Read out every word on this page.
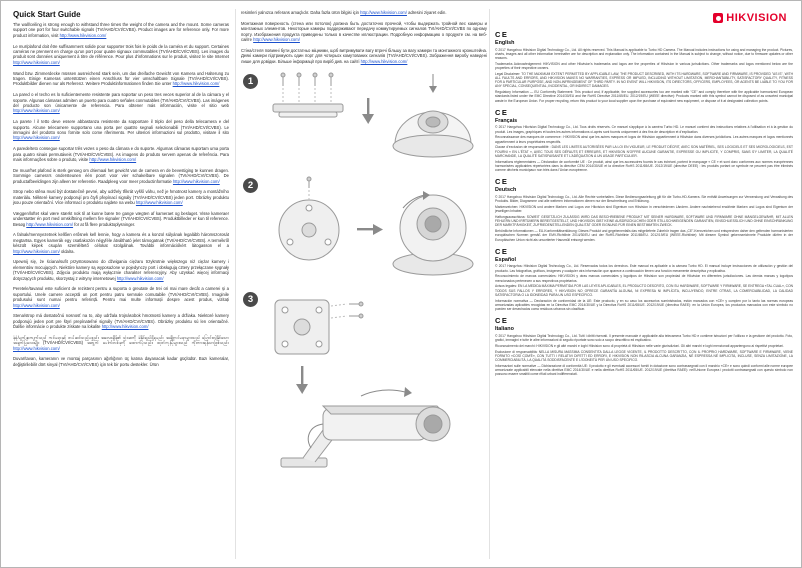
Quick Start Guide

The wall/ceiling is strong enough to withstand three times the weight of the camera and the mount. Some cameras support one port for four switchable signals (TVI/AHD/CVI/CVBS). Product images are for reference only. For more product information, visit http://www.hikvision.com/

Le mur/plafond doit être suffisamment solide pour supporter trois fois le poids de la caméra et du support. Certaines caméras ne prennent en charge qu'un port pour quatre signaux commutables (TVI/AHD/CVI/CVBS). Les images du produit sont données uniquement à titre de référence. Pour plus d'informations sur le produit, visitez le site Internet http://www.hikvision.com/

Wand bzw. Zimmerdecke müssen ausreichend stark sein, um das dreifache Gewicht von Kamera und Halterung zu tragen. Einige Kameras unterstützen einen Anschluss für vier umschaltbare Signale (TVI/AHD/CVI/CVBS). Produktbilder dienen nur als Referenz. Weitere Produktinformationen finden Sie unter http://www.hikvision.com/

La pared o el techo es lo suficientemente resistente para soportar un peso tres veces superior al de la cámara y el soporte. Algunas cámaras admiten un puerto para cuatro señales conmutables (TVI/AHD/CVI/CVBS). Las imágenes del producto son únicamente de referencia. Para obtener más información, visite el sitio web http://www.hikvision.com/

La parete / il tetto deve essere abbastanza resistente da sopportare il triplo del peso della telecamera e del supporto. Alcune telecamere supportano una porta per quattro segnali selezionabili (TVI/AHD/CVI/CVBS). Le immagini del prodotto sono fornite solo come riferimento. Per ulteriori informazioni sul prodotto, visitare il sito http://www.hikvision.com/

A parede/teto consegue suportar três vezes o peso da câmara e do suporte. Algumas câmaras suportam uma porta para quatro sinais permutáveis (TVI/AHD/CVI/CVBS). As imagens do produto servem apenas de referência. Para mais informações sobre o produto, visite http://www.hikvision.com/

De muur/het plafond is sterk genoeg om driemaal het gewicht van de camera en de bevestiging te kunnen dragen. Sommige camera's ondersteunen één poort voor vier schakelbare signalen (TVI/AHD/CVI/CVBS). De productafbeeldingen zijn alleen ter referentie. Raadpleeg voor meer productinformatie http://www.hikvision.com/

Strop nebo stěna musí být dostatečně pevné, aby udržely třikrát vyšší váhu, než je hmotnost kamery a montážního materiálu. Některé kamery podporují pro čtyři přepínací signály (TVI/AHD/CVI/CVBS) jeden port. Obrázky produktu jsou pouze orientační. Více informací o produktu najdete na webu http://www.hikvision.com/

Væggen/loftet skal være stærkt nok til at kunne bære tre gange vægten af kameraet og beslaget. Visse kameraer understøtter én port med omskiftning mellem fire signaler (TVI/AHD/CVI/CVBS). Produktbilleder er kun til reference. Besøg http://www.hikvision.com/ for at få flere produktoplysninger.

A falnak/mennyezetnek kellően erősnek kell lennie, hogy a kamera és a konzol súlyának legalább háromszorosát megtartsa. Egyes kamerák egy csatlakozón négyféle átváltható jelet támogatnak (TVI/AHD/CVI/CVBS). A termékről készült képek csupán szemléltető célokat szolgálnak. További információkért látogasson el a http://www.hikvision.com/ oldalra.

Upewnij się, że ściana/sufit przystosowano do dźwigania ciężaru trzykrotnie większego niż ciężar kamery i elementów mocujących. Niektóre kamery są wyposażone w pojedynczy port i obsługują cztery przełączane sygnały (TVI/AHD/CVI/CVBS). Zdjęcia produktu mają wyłącznie charakter referencyjny. Aby uzyskać więcej informacji dotyczących produktu, skorzystaj z witryny internetowej http://www.hikvision.com/

Peretele/tavanul este suficient de rezistent pentru a suporta o greutate de trei ori mai mare decât a camerei și a suportului. Unele camere acceptă un port pentru patru semnale comutabile (TVI/AHD/CVI/CVBS). Imaginile produsului sunt numai pentru referință. Pentru mai multe informații despre acest produs, vizitați http://www.hikvision.com/

Stena/strop má dostatočnú nosnosť na to, aby udržala trojnásobok hmotnosti kamery a držiaka. Niektoré kamery podporujú jeden port pre štyri prepínateľné signály (TVI/AHD/CVI/CVBS). Obrázky produktu sú len orientačné. Ďalšie informácie o produkte získate na lokalite http://www.hikvision.com/

နံရံ/မျက်နှာကျက်သည် ကင်မရာနှင့် တပ်ဆင်သည့်ပစ္စည်း အလေးချိန်၏ သုံးဆကို ခံနိုင်ရည်ရှိရမည်။ အချို့ကင်မရာများသည် ပြောင်းလဲနိုင်သော အချက်ပြလေးမျိုး (TVI/AHD/CVI/CVBS) အတွက် ပေါက်တစ်ခုကို ထောက်ပံ့သည်။ ထုတ်ကုန်ပုံများသည် ကိုးကားရန်သာဖြစ်သည်။ http://www.hikvision.com/

Duvar/tavan, kameranın ve montaj parçasının ağırlığının üç katına dayanacak kadar güçlüdür. Bazı kameralar, değiştirilebilir dört sinyal (TVI/AHD/CVI/CVBS) için tek bir portu destekler. Ürün

resimleri yalnızca referans amaçlıdır. Daha fazla ürün bilgisi için http://www.hikvision.com/ adresini ziyaret edin.

Монтажная поверхность (стена или потолок) должна быть достаточно прочной, чтобы выдержать тройной вес камеры и монтажных элементов. Некоторые камеры поддерживают передачу коммутируемых сигналов TVI/AHD/CVI/CVBS по одному порту. Изображения продукта приведены только в качестве иллюстрации. Подробную информацию о продукте см. на веб-сайте http://www.hikvision.com/

Стіна/стеля повинні бути достатньо міцними, щоб витримувати вагу втричі більшу за вагу камери та монтажного кронштейна. Деякі камери підтримують один порт для чотирьох комутованих сигналів (TVI/AHD/CVI/CVBS). Зображення виробу наведені лише для довідки. Більше інформації про виріб див. на сайті http://www.hikvision.com/

1
2
3
HIKVISION
CE
English

© 2017 Hangzhou Hikvision Digital Technology Co., Ltd. All rights reserved. This Manual is applicable to Turbo HD Camera. The Manual includes instructions for using and managing the product. Pictures, charts, images and all other information hereinafter are for description and explanation only. The information contained in the Manual is subject to change, without notice, due to firmware updates or other reasons.

Trademarks Acknowledgement: HIKVISION and other Hikvision's trademarks and logos are the properties of Hikvision in various jurisdictions. Other trademarks and logos mentioned below are the properties of their respective owners.

Legal Disclaimer: TO THE MAXIMUM EXTENT PERMITTED BY APPLICABLE LAW, THE PRODUCT DESCRIBED, WITH ITS HARDWARE, SOFTWARE AND FIRMWARE, IS PROVIDED "AS IS", WITH ALL FAULTS AND ERRORS, AND HIKVISION MAKES NO WARRANTIES, EXPRESS OR IMPLIED, INCLUDING WITHOUT LIMITATION, MERCHANTABILITY, SATISFACTORY QUALITY, FITNESS FOR A PARTICULAR PURPOSE, AND NON-INFRINGEMENT OF THIRD PARTY. IN NO EVENT WILL HIKVISION, ITS DIRECTORS, OFFICERS, EMPLOYEES, OR AGENTS BE LIABLE TO YOU FOR ANY SPECIAL, CONSEQUENTIAL, INCIDENTAL, OR INDIRECT DAMAGES.

Regulatory Information — EU Conformity Statement: This product and, if applicable, the supplied accessories too are marked with "CE" and comply therefore with the applicable harmonized European standards listed under the EMC Directive 2014/30/EU and the RoHS Directive 2011/65/EU. 2012/19/EU (WEEE directive): Products marked with this symbol cannot be disposed of as unsorted municipal waste in the European Union. For proper recycling, return this product to your local supplier upon the purchase of equivalent new equipment, or dispose of it at designated collection points.

CE
Français

© 2017 Hangzhou Hikvision Digital Technology Co., Ltd. Tous droits réservés. Ce manuel s'applique à la caméra Turbo HD. Le manuel contient des instructions relatives à l'utilisation et à la gestion du produit. Les images, graphiques et toutes les autres informations ci-après sont fournis uniquement à des fins de description et d'explication.

Reconnaissance des marques de commerce : HIKVISION ainsi que les autres marques et logos de Hikvision appartiennent à Hikvision dans diverses juridictions. Les autres marques et logos mentionnés appartiennent à leurs propriétaires respectifs.

Clause d'exclusion de responsabilité : DANS LES LIMITES AUTORISÉES PAR LA LOI EN VIGUEUR, LE PRODUIT DÉCRIT, AVEC SON MATÉRIEL, SES LOGICIELS ET SES MICROLOGICIELS, EST FOURNI « EN L'ÉTAT », AVEC TOUS SES DÉFAUTS ET ERREURS, ET HIKVISION N'OFFRE AUCUNE GARANTIE, EXPRESSE OU IMPLICITE, Y COMPRIS, SANS S'Y LIMITER, LA QUALITÉ MARCHANDE, LA QUALITÉ SATISFAISANTE ET L'ADÉQUATION À UN USAGE PARTICULIER.

Informations réglementaires — Déclaration de conformité UE : Ce produit, ainsi que les accessoires fournis le cas échéant, portent le marquage « CE » et sont donc conformes aux normes européennes harmonisées applicables répertoriées dans la directive CEM 2014/30/UE et la directive RoHS 2011/65/UE. 2012/19/UE (directive DEEE) : les produits portant ce symbole ne peuvent pas être éliminés comme déchets municipaux non triés dans l'Union européenne.

CE
Deutsch

© 2017 Hangzhou Hikvision Digital Technology Co., Ltd. Alle Rechte vorbehalten. Diese Bedienungsanleitung gilt für die Turbo-HD-Kamera. Sie enthält Anweisungen zur Verwendung und Verwaltung des Produkts. Bilder, Diagramme und alle weiteren Informationen dienen nur der Beschreibung und Erklärung.

Markenzeichen: HIKVISION und andere Marken und Logos von Hikvision sind Eigentum von Hikvision in verschiedenen Ländern. Andere nachstehend erwähnte Marken und Logos sind Eigentum der jeweiligen Inhaber.

Haftungsausschluss: SOWEIT GESETZLICH ZULÄSSIG WIRD DAS BESCHRIEBENE PRODUKT MIT SEINER HARDWARE, SOFTWARE UND FIRMWARE OHNE MÄNGELGEWÄHR, MIT ALLEN FEHLERN UND IRRTÜMERN BEREITGESTELLT, UND HIKVISION GIBT KEINE AUSDRÜCKLICHEN ODER STILLSCHWEIGENDEN GARANTIEN, EINSCHLIESSLICH UND OHNE EINSCHRÄNKUNG DER MARKTFÄHIGKEIT, ZUFRIEDENSTELLENDEN QUALITÄT ODER EIGNUNG FÜR EINEN BESTIMMTEN ZWECK.

Behördliche Informationen — EU-Konformitätserklärung: Dieses Produkt und gegebenenfalls das mitgelieferte Zubehör tragen das „CE"-Kennzeichen und entsprechen daher den geltenden harmonisierten europäischen Normen gemäß der EMV-Richtlinie 2014/30/EU und der RoHS-Richtlinie 2011/65/EU. 2012/19/EU (WEEE-Richtlinie): Mit diesem Symbol gekennzeichnete Produkte dürfen in der Europäischen Union nicht als unsortierter Hausmüll entsorgt werden.

CE
Español

© 2017 Hangzhou Hikvision Digital Technology Co., Ltd. Reservados todos los derechos. Este manual es aplicable a la cámara Turbo HD. El manual incluye instrucciones de utilización y gestión del producto. Las fotografías, gráficos, imágenes y cualquier otra información que aparece a continuación tienen una función meramente descriptiva y explicativa.

Reconocimiento de marcas comerciales: HIKVISION y otras marcas comerciales y logotipos de Hikvision son propiedad de Hikvision en diferentes jurisdicciones. Las demás marcas y logotipos mencionados pertenecen a sus respectivos propietarios.

Avisos legales: EN LA MEDIDA MÁXIMA PERMITIDA POR LAS LEYES APLICABLES, EL PRODUCTO DESCRITO, CON SU HARDWARE, SOFTWARE Y FIRMWARE, SE ENTREGA «TAL CUAL», CON TODOS SUS FALLOS Y ERRORES, Y HIKVISION NO OFRECE GARANTÍA ALGUNA, NI EXPRESA NI IMPLÍCITA, INCLUYENDO, ENTRE OTRAS, LA COMERCIABILIDAD, LA CALIDAD SATISFACTORIA O LA IDONEIDAD PARA UN USO ESPECÍFICO.

Información normativa — Declaración de conformidad de la UE: Este producto, y en su caso los accesorios suministrados, están marcados con «CE» y cumplen por lo tanto las normas europeas armonizadas aplicables recogidas en la Directiva EMC 2014/30/UE y la Directiva RoHS 2011/65/UE. 2012/19/UE (directiva RAEE): en la Unión Europea, los productos marcados con este símbolo no pueden ser desechados como residuos urbanos sin clasificar.

CE
Italiano

© 2017 Hangzhou Hikvision Digital Technology Co., Ltd. Tutti i diritti riservati. Il presente manuale è applicabile alla telecamera Turbo HD e contiene istruzioni per l'utilizzo e la gestione del prodotto. Foto, grafici, immagini e tutte le altre informazioni di seguito riportate sono solo a scopo descrittivo ed esplicativo.

Riconoscimento dei marchi: HIKVISION e gli altri marchi e loghi Hikvision sono di proprietà di Hikvision nelle varie giurisdizioni. Gli altri marchi e loghi menzionati appartengono ai rispettivi proprietari.

Esclusione di responsabilità: NELLA MISURA MASSIMA CONSENTITA DALLA LEGGE VIGENTE, IL PRODOTTO DESCRITTO, CON IL PROPRIO HARDWARE, SOFTWARE E FIRMWARE, VIENE FORNITO «COSÌ COM'È», CON TUTTI I RELATIVI DIFETTI ED ERRORI, E HIKVISION NON RILASCIA ALCUNA GARANZIA, NÉ ESPRESSA NÉ IMPLICITA, INCLUSE, SENZA LIMITAZIONE, LA COMMERCIABILITÀ, LA QUALITÀ SODDISFACENTE E L'IDONEITÀ PER UN USO SPECIFICO.

Informazioni sulle normative — Dichiarazione di conformità UE: Il prodotto e gli eventuali accessori forniti in dotazione sono contrassegnati con il marchio «CE» e sono quindi conformi alle norme europee armonizzate applicabili elencate nella direttiva EMC 2014/30/UE e nella direttiva RoHS 2011/65/UE. 2012/19/UE (direttiva RAEE): nell'Unione Europea i prodotti contrassegnati con questo simbolo non possono essere smaltiti come rifiuti urbani indifferenziati.
